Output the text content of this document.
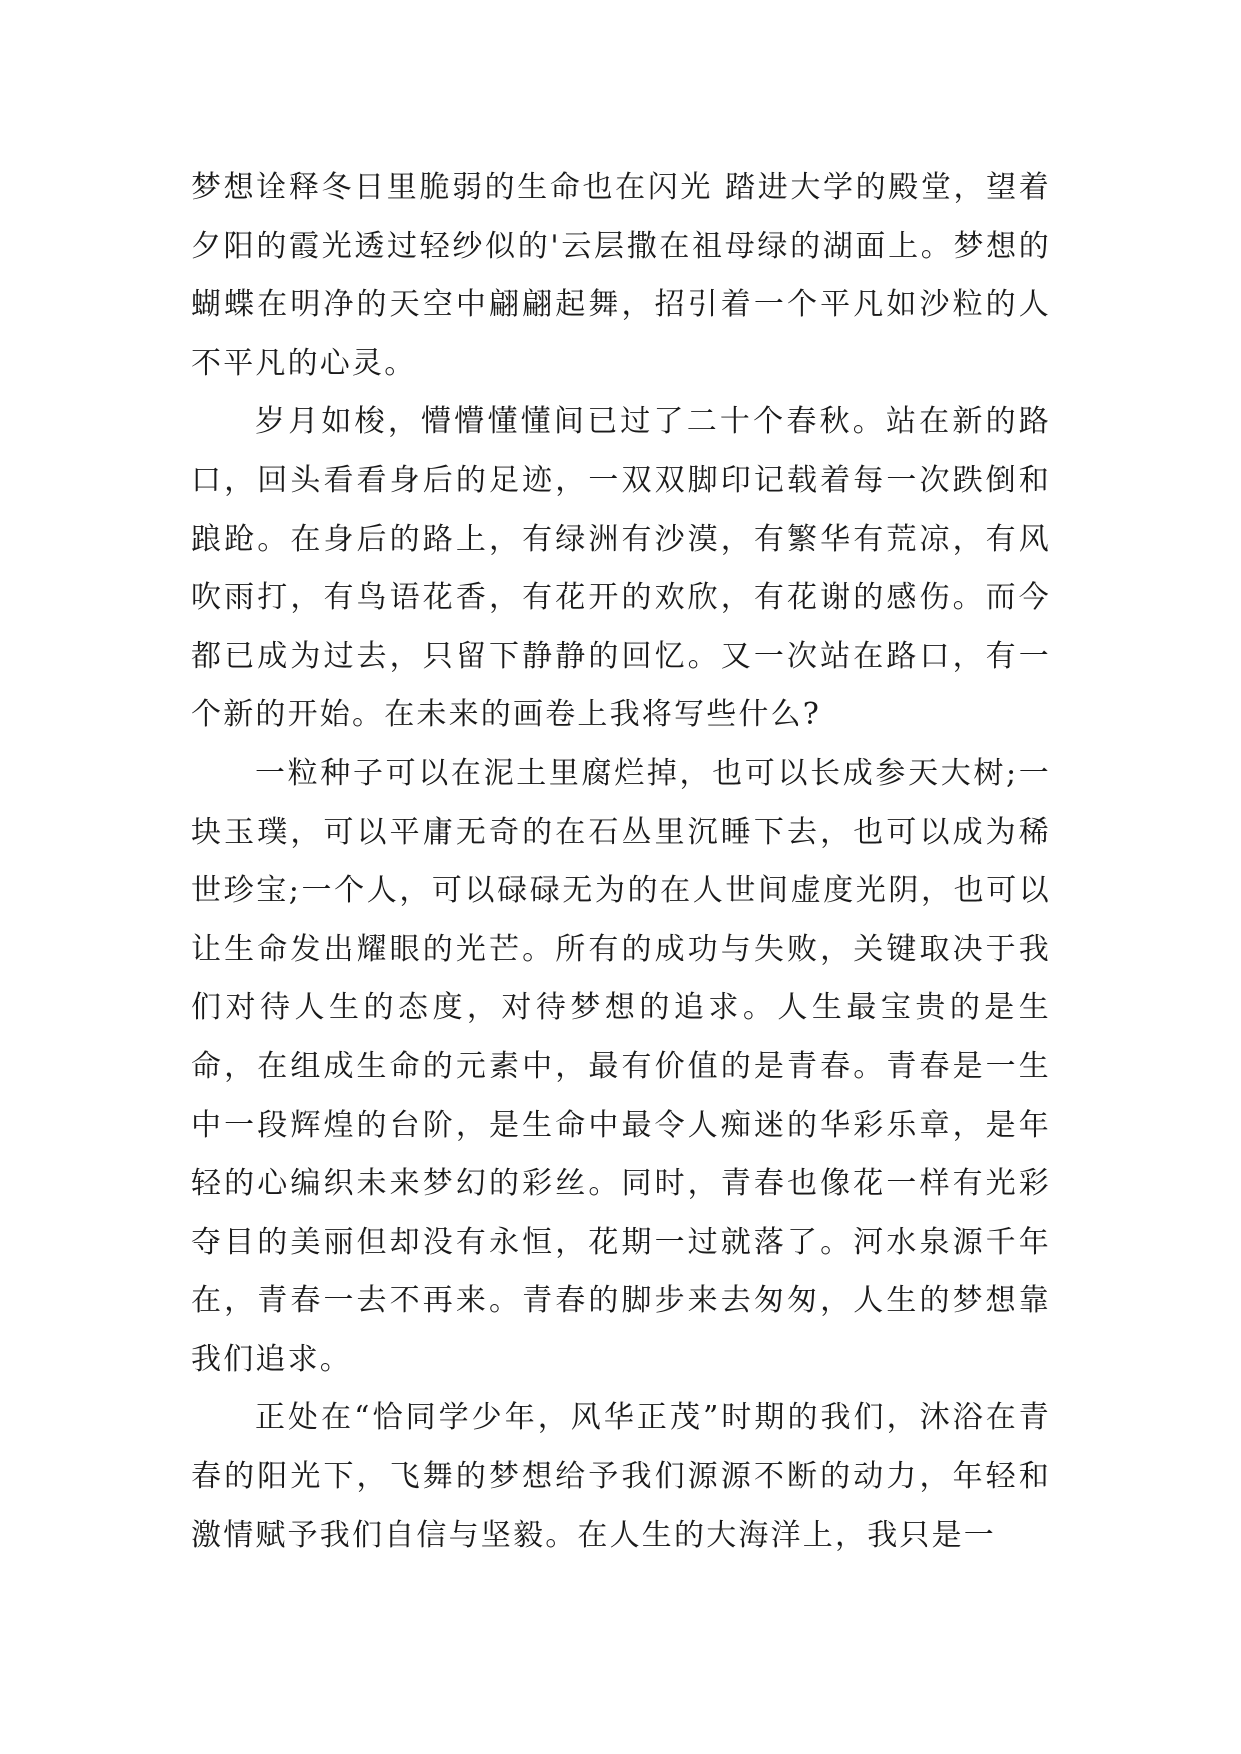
梦想诠释冬日里脆弱的生命也在闪光 踏进大学的殿堂，望着夕阳的霞光透过轻纱似的'云层撒在祖母绿的湖面上。梦想的蝴蝶在明净的天空中翩翩起舞，招引着一个平凡如沙粒的人不平凡的心灵。

岁月如梭，懵懵懂懂间已过了二十个春秋。站在新的路口，回头看看身后的足迹，一双双脚印记载着每一次跌倒和踉跄。在身后的路上，有绿洲有沙漠，有繁华有荒凉，有风吹雨打，有鸟语花香，有花开的欢欣，有花谢的感伤。而今都已成为过去，只留下静静的回忆。又一次站在路口，有一个新的开始。在未来的画卷上我将写些什么?

一粒种子可以在泥土里腐烂掉，也可以长成参天大树;一块玉璞，可以平庸无奇的在石丛里沉睡下去，也可以成为稀世珍宝;一个人，可以碌碌无为的在人世间虚度光阴，也可以让生命发出耀眼的光芒。所有的成功与失败，关键取决于我们对待人生的态度，对待梦想的追求。人生最宝贵的是生命，在组成生命的元素中，最有价值的是青春。青春是一生中一段辉煌的台阶，是生命中最令人痴迷的华彩乐章，是年轻的心编织未来梦幻的彩丝。同时，青春也像花一样有光彩夺目的美丽但却没有永恒，花期一过就落了。河水泉源千年在，青春一去不再来。青春的脚步来去匆匆，人生的梦想靠我们追求。

正处在“恰同学少年，风华正茂”时期的我们，沐浴在青春的阳光下，飞舞的梦想给予我们源源不断的动力，年轻和激情赋予我们自信与坚毅。在人生的大海洋上，我只是一
